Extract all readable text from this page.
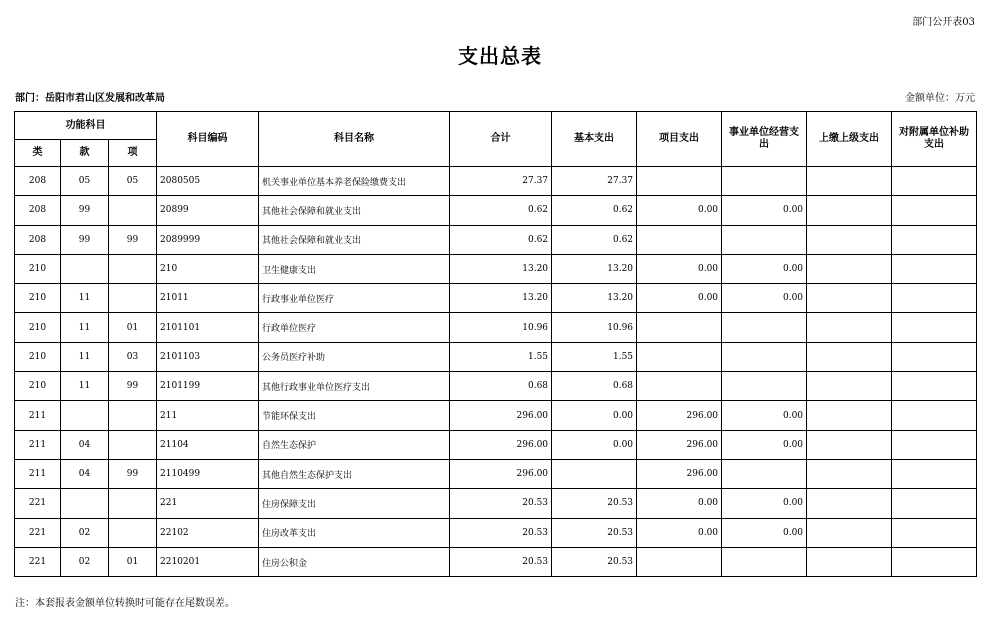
部门公开表03
支出总表
部门：岳阳市君山区发展和改革局	金额单位：万元
功能科目			科目编码	科目名称	合计	基本支出	项目支出	事业单位经营支出	上缴上级支出	对附属单位补助支出
类	款	项								
208	05	05	2080505	机关事业单位基本养老保险缴费支出	27.37	27.37				
208	99		20899	其他社会保障和就业支出	0.62	0.62	0.00	0.00		
208	99	99	2089999	其他社会保障和就业支出	0.62	0.62				
210			210	卫生健康支出	13.20	13.20	0.00	0.00		
210	11		21011	行政事业单位医疗	13.20	13.20	0.00	0.00		
210	11	01	2101101	行政单位医疗	10.96	10.96				
210	11	03	2101103	公务员医疗补助	1.55	1.55				
210	11	99	2101199	其他行政事业单位医疗支出	0.68	0.68				
211			211	节能环保支出	296.00	0.00	296.00	0.00		
211	04		21104	自然生态保护	296.00	0.00	296.00	0.00		
211	04	99	2110499	其他自然生态保护支出	296.00		296.00			
221			221	住房保障支出	20.53	20.53	0.00	0.00		
221	02		22102	住房改革支出	20.53	20.53	0.00	0.00		
221	02	01	2210201	住房公积金	20.53	20.53				
注：本套报表金额单位转换时可能存在尾数误差。
